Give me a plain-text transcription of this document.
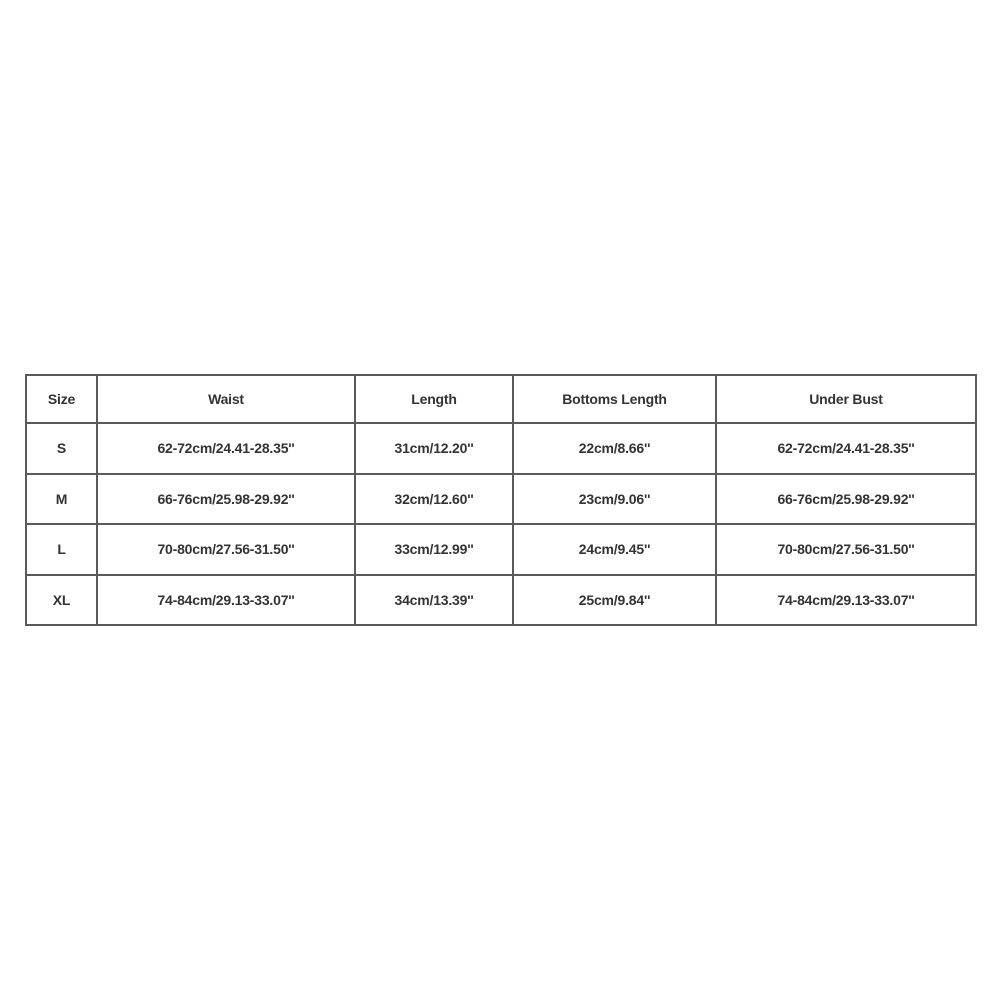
Size	Waist	Length	Bottoms Length	Under Bust
S	62-72cm/24.41-28.35''	31cm/12.20''	22cm/8.66''	62-72cm/24.41-28.35''
M	66-76cm/25.98-29.92''	32cm/12.60''	23cm/9.06''	66-76cm/25.98-29.92''
L	70-80cm/27.56-31.50''	33cm/12.99''	24cm/9.45''	70-80cm/27.56-31.50''
XL	74-84cm/29.13-33.07''	34cm/13.39''	25cm/9.84''	74-84cm/29.13-33.07''
